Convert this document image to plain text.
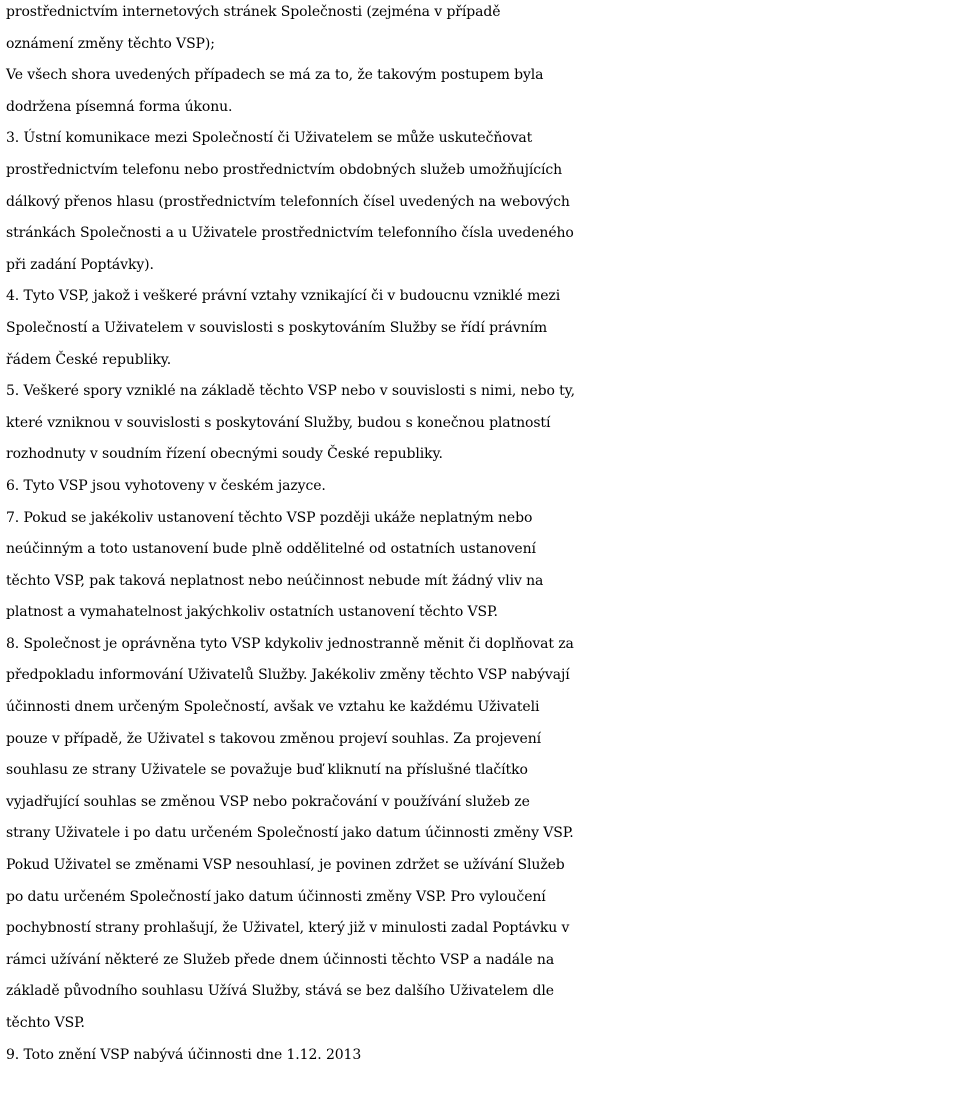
prostřednictvím internetových stránek Společnosti (zejména v případě
oznámení změny těchto VSP);
Ve všech shora uvedených případech se má za to, že takovým postupem byla
dodržena písemná forma úkonu.
3. Ústní komunikace mezi Společností či Uživatelem se může uskutečňovat
prostřednictvím telefonu nebo prostřednictvím obdobných služeb umožňujících
dálkový přenos hlasu (prostřednictvím telefonních čísel uvedených na webových
stránkách Společnosti a u Uživatele prostřednictvím telefonního čísla uvedeného
při zadání Poptávky).
4. Tyto VSP, jakož i veškeré právní vztahy vznikající či v budoucnu vzniklé mezi
Společností a Uživatelem v souvislosti s poskytováním Služby se řídí právním
řádem České republiky.
5. Veškeré spory vzniklé na základě těchto VSP nebo v souvislosti s nimi, nebo ty,
které vzniknou v souvislosti s poskytování Služby, budou s konečnou platností
rozhodnuty v soudním řízení obecnými soudy České republiky.
6. Tyto VSP jsou vyhotoveny v českém jazyce.
7. Pokud se jakékoliv ustanovení těchto VSP později ukáže neplatným nebo
neúčinným a toto ustanovení bude plně oddělitelné od ostatních ustanovení
těchto VSP, pak taková neplatnost nebo neúčinnost nebude mít žádný vliv na
platnost a vymahatelnost jakýchkoliv ostatních ustanovení těchto VSP.
8. Společnost je oprávněna tyto VSP kdykoliv jednostranně měnit či doplňovat za
předpokladu informování Uživatelů Služby. Jakékoliv změny těchto VSP nabývají
účinnosti dnem určeným Společností, avšak ve vztahu ke každému Uživateli
pouze v případě, že Uživatel s takovou změnou projeví souhlas. Za projevení
souhlasu ze strany Uživatele se považuje buď kliknutí na příslušné tlačítko
vyjadřující souhlas se změnou VSP nebo pokračování v používání služeb ze
strany Uživatele i po datu určeném Společností jako datum účinnosti změny VSP.
Pokud Uživatel se změnami VSP nesouhlasí, je povinen zdržet se užívání Služeb
po datu určeném Společností jako datum účinnosti změny VSP. Pro vyloučení
pochybností strany prohlašují, že Uživatel, který již v minulosti zadal Poptávku v
rámci užívání některé ze Služeb přede dnem účinnosti těchto VSP a nadále na
základě původního souhlasu Užívá Služby, stává se bez dalšího Uživatelem dle
těchto VSP.
9. Toto znění VSP nabývá účinnosti dne 1.12. 2013
